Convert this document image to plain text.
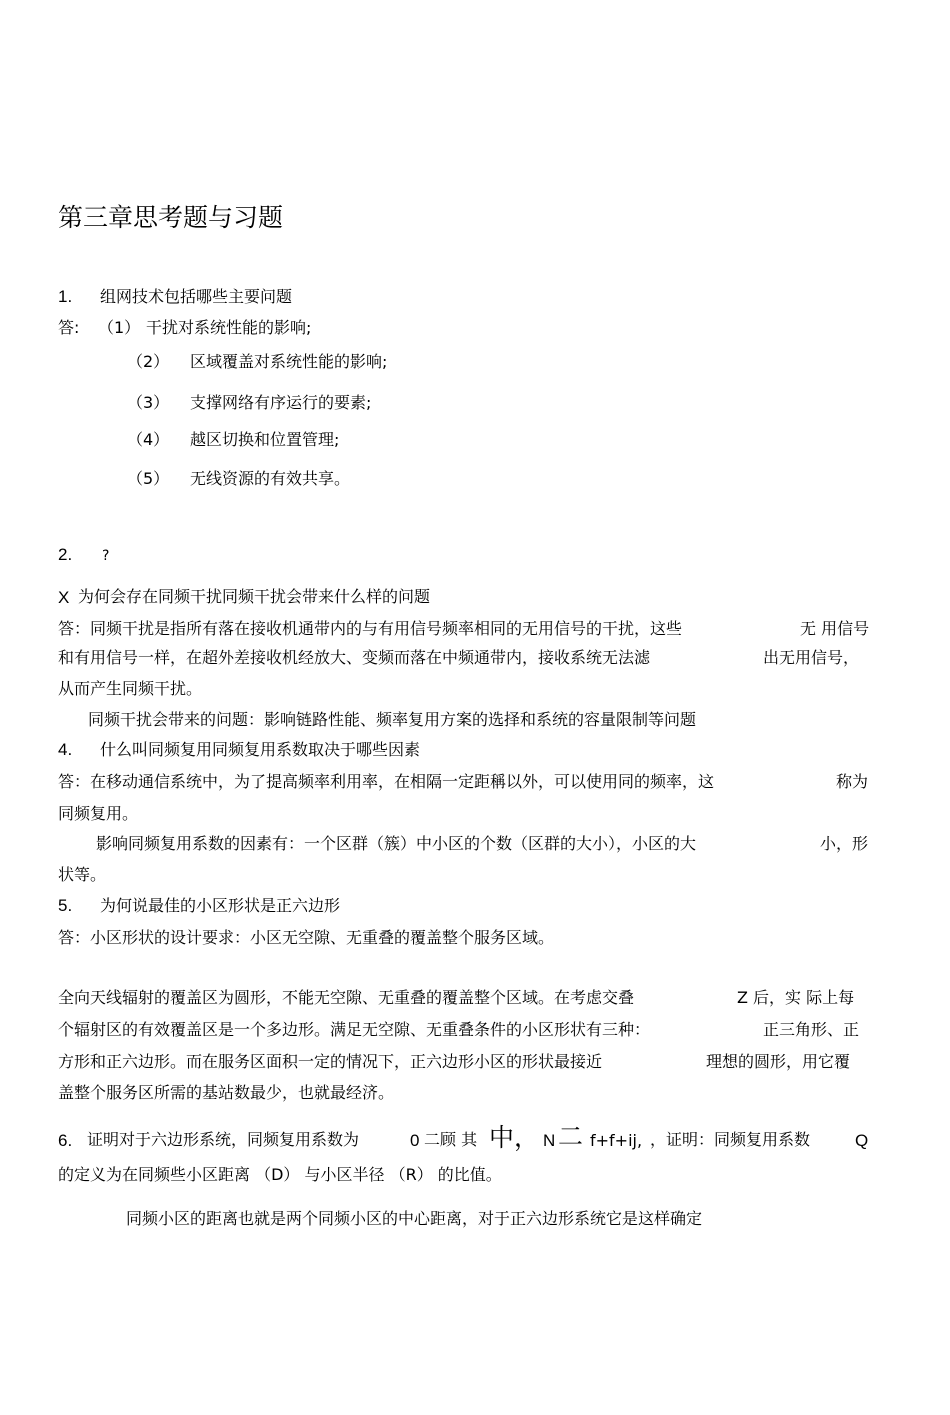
第三章思考题与习题
1. 组网技术包括哪些主要问题
答: （1） 干扰对系统性能的影响;
（2） 区域覆盖对系统性能的影响;
（3） 支撑网络有序运行的要素;
（4） 越区切换和位置管理;
（5） 无线资源的有效共享。
2. ?
X 为何会存在同频干扰同频干扰会带来什么样的问题
答：同频干扰是指所有落在接收机通带内的与有用信号频率相同的无用信号的干扰，这些	无 用信号
和有用信号一样，在超外差接收机经放大、变频而落在中频通带内，接收系统无法滤	出无用信号，
从而产生同频干扰。
同频干扰会带来的问题：影响链路性能、频率复用方案的选择和系统的容量限制等问题
4. 什么叫同频复用同频复用系数取决于哪些因素
答：在移动通信系统中，为了提高频率利用率，在相隔一定距稱以外，可以使用同的频率，这	称为
同频复用。
影响同频复用系数的因素有：一个区群（簇）中小区的个数（区群的大小），小区的大	小，形
状等。
5. 为何说最佳的小区形状是正六边形
答：小区形状的设计要求：小区无空隙、无重叠的覆盖整个服务区域。
全向天线辐射的覆盖区为圆形，不能无空隙、无重叠的覆盖整个区域。在考虑交叠	Z 后，实 际上每
个辐射区的有效覆盖区是一个多边形。满足无空隙、无重叠条件的小区形状有三种：	正三角形、正
方形和正六边形。而在服务区面积一定的情况下，正六边形小区的形状最接近	理想的圆形，用它覆
盖整个服务区所需的基站数最少，也就最经济。
6. 证明对于六边形系统，同频复用系数为	0 二顾 其 中， N 二 f+f+ij, ，证明：同频复用系数	Q
的定义为在同频些小区距离 （D） 与小区半径 （R） 的比值。
同频小区的距离也就是两个同频小区的中心距离，对于正六边形系统它是这样确定
